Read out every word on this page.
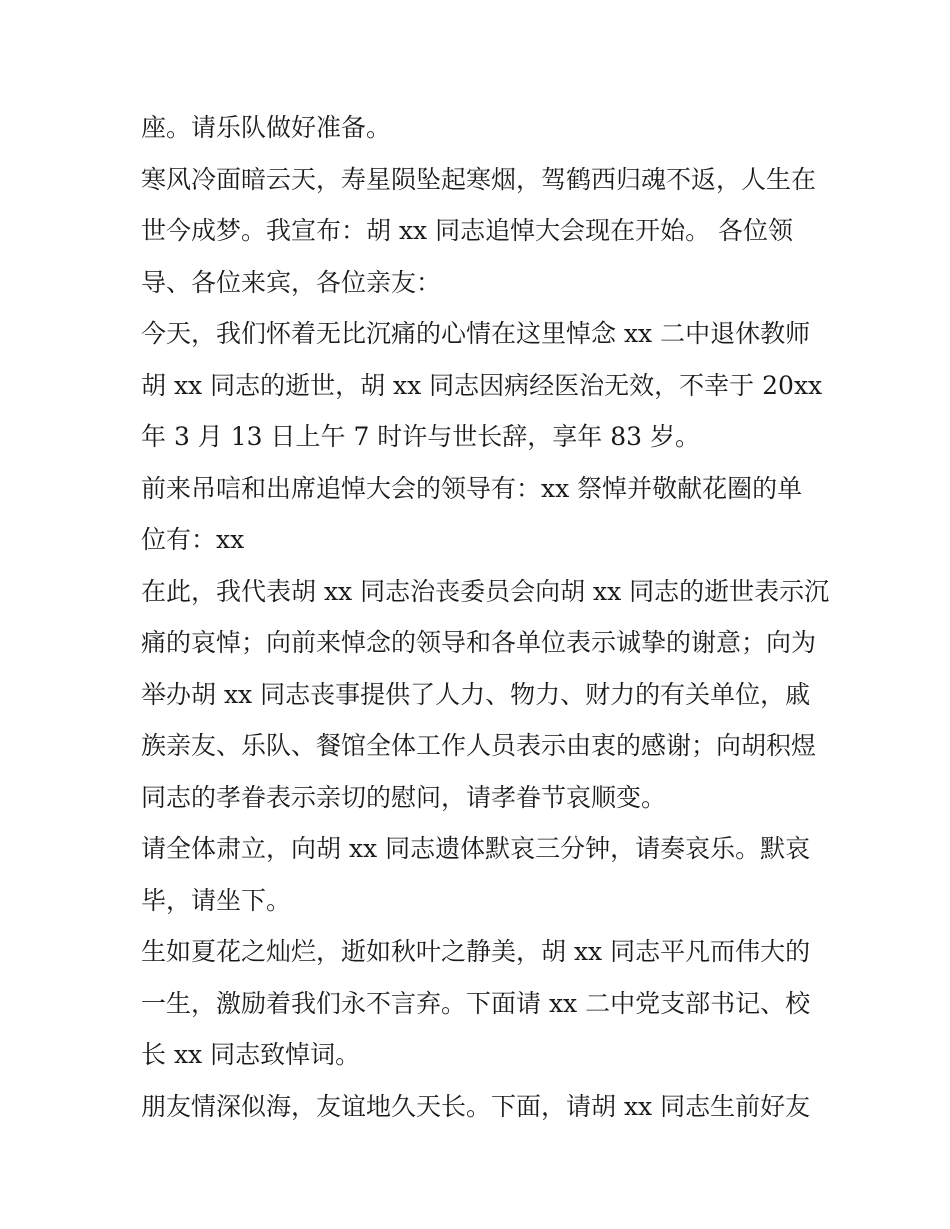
座。请乐队做好准备。
寒风冷面暗云天，寿星陨坠起寒烟，驾鹤西归魂不返，人生在
世今成梦。我宣布：胡 xx 同志追悼大会现在开始。 各位领
导、各位来宾，各位亲友：
今天，我们怀着无比沉痛的心情在这里悼念 xx 二中退休教师
胡 xx 同志的逝世，胡 xx 同志因病经医治无效，不幸于 20xx
年 3 月 13 日上午 7 时许与世长辞，享年 83 岁。
前来吊唁和出席追悼大会的领导有：xx 祭悼并敬献花圈的单
位有：xx
在此，我代表胡 xx 同志治丧委员会向胡 xx 同志的逝世表示沉
痛的哀悼；向前来悼念的领导和各单位表示诚挚的谢意；向为
举办胡 xx 同志丧事提供了人力、物力、财力的有关单位，戚
族亲友、乐队、餐馆全体工作人员表示由衷的感谢；向胡积煜
同志的孝眷表示亲切的慰问，请孝眷节哀顺变。
请全体肃立，向胡 xx 同志遗体默哀三分钟，请奏哀乐。默哀
毕，请坐下。
生如夏花之灿烂，逝如秋叶之静美，胡 xx 同志平凡而伟大的
一生，激励着我们永不言弃。下面请 xx 二中党支部书记、校
长 xx 同志致悼词。
朋友情深似海，友谊地久天长。下面，请胡 xx 同志生前好友
